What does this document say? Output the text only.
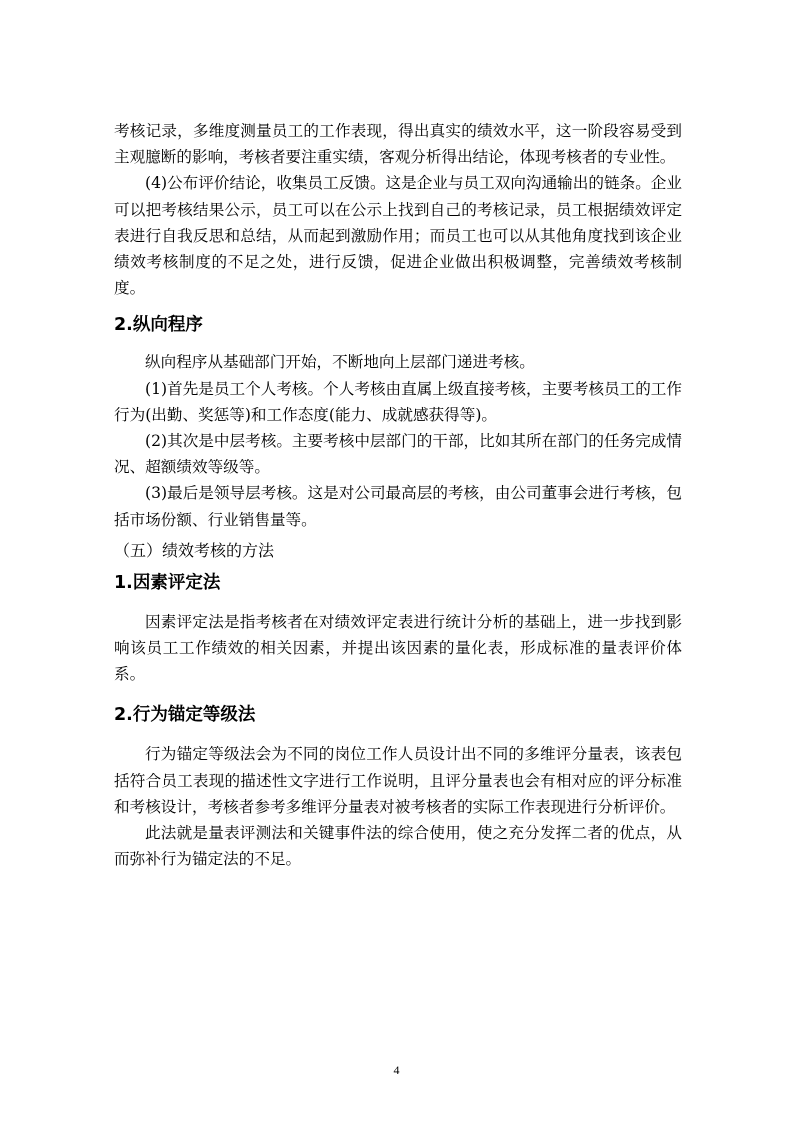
考核记录，多维度测量员工的工作表现，得出真实的绩效水平，这一阶段容易受到主观臆断的影响，考核者要注重实绩，客观分析得出结论，体现考核者的专业性。

(4)公布评价结论，收集员工反馈。这是企业与员工双向沟通输出的链条。企业可以把考核结果公示，员工可以在公示上找到自己的考核记录，员工根据绩效评定表进行自我反思和总结，从而起到激励作用；而员工也可以从其他角度找到该企业绩效考核制度的不足之处，进行反馈，促进企业做出积极调整，完善绩效考核制度。

2.纵向程序

纵向程序从基础部门开始，不断地向上层部门递进考核。

(1)首先是员工个人考核。个人考核由直属上级直接考核，主要考核员工的工作行为(出勤、奖惩等)和工作态度(能力、成就感获得等)。

(2)其次是中层考核。主要考核中层部门的干部，比如其所在部门的任务完成情况、超额绩效等级等。

(3)最后是领导层考核。这是对公司最高层的考核，由公司董事会进行考核，包括市场份额、行业销售量等。

（五）绩效考核的方法

1.因素评定法

因素评定法是指考核者在对绩效评定表进行统计分析的基础上，进一步找到影响该员工工作绩效的相关因素，并提出该因素的量化表，形成标准的量表评价体系。

2.行为锚定等级法

行为锚定等级法会为不同的岗位工作人员设计出不同的多维评分量表，该表包括符合员工表现的描述性文字进行工作说明，且评分量表也会有相对应的评分标准和考核设计，考核者参考多维评分量表对被考核者的实际工作表现进行分析评价。

此法就是量表评测法和关键事件法的综合使用，使之充分发挥二者的优点，从而弥补行为锚定法的不足。

4
